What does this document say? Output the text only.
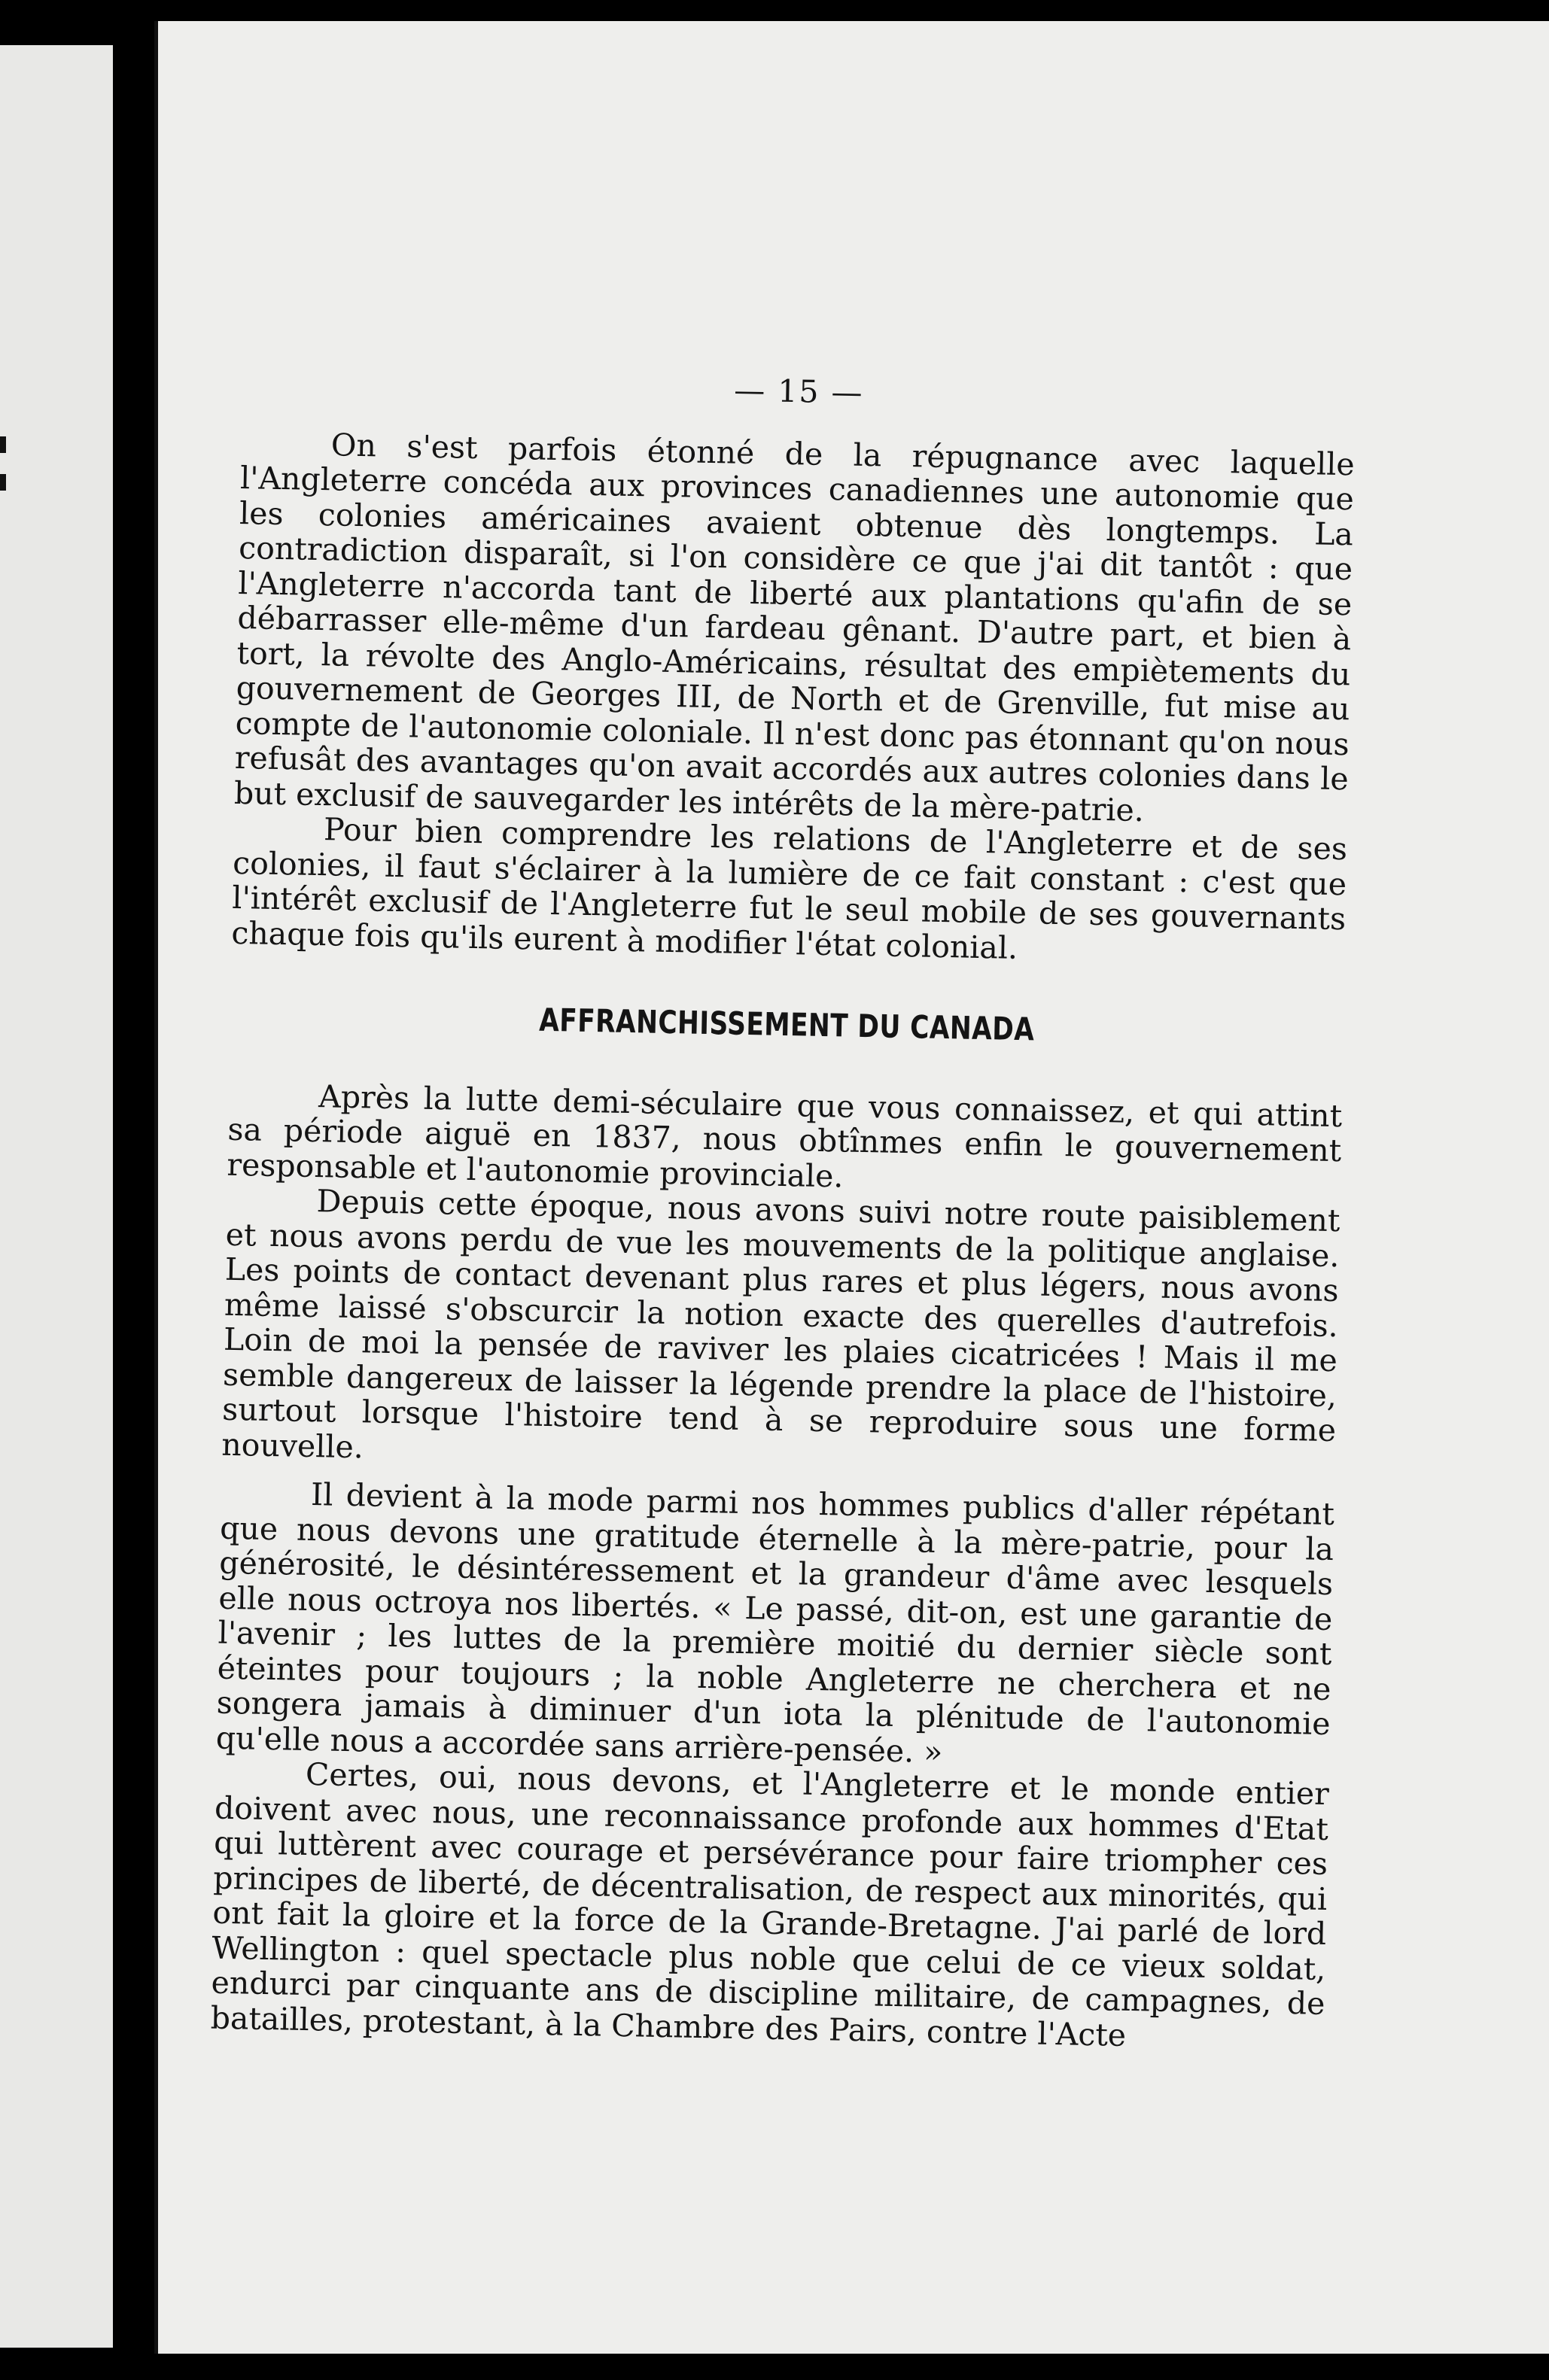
— 15 —

On s'est parfois étonné de la répugnance avec laquelle l'Angleterre concéda aux provinces canadiennes une autonomie que les colonies américaines avaient obtenue dès longtemps. La contradiction disparaît, si l'on considère ce que j'ai dit tantôt : que l'Angleterre n'accorda tant de liberté aux plantations qu'afin de se débarrasser elle-même d'un fardeau gênant. D'autre part, et bien à tort, la révolte des Anglo-Américains, résultat des empiètements du gouvernement de Georges III, de North et de Grenville, fut mise au compte de l'autonomie coloniale. Il n'est donc pas étonnant qu'on nous refusât des avantages qu'on avait accordés aux autres colonies dans le but exclusif de sauvegarder les intérêts de la mère-patrie.

Pour bien comprendre les relations de l'Angleterre et de ses colonies, il faut s'éclairer à la lumière de ce fait constant : c'est que l'intérêt exclusif de l'Angleterre fut le seul mobile de ses gouvernants chaque fois qu'ils eurent à modifier l'état colonial.

AFFRANCHISSEMENT DU CANADA

Après la lutte demi-séculaire que vous connaissez, et qui attint sa période aiguë en 1837, nous obtînmes enfin le gouvernement responsable et l'autonomie provinciale.

Depuis cette époque, nous avons suivi notre route paisiblement et nous avons perdu de vue les mouvements de la politique anglaise. Les points de contact devenant plus rares et plus légers, nous avons même laissé s'obscurcir la notion exacte des querelles d'autrefois. Loin de moi la pensée de raviver les plaies cicatricées ! Mais il me semble dangereux de laisser la légende prendre la place de l'histoire, surtout lorsque l'histoire tend à se reproduire sous une forme nouvelle.

Il devient à la mode parmi nos hommes publics d'aller répétant que nous devons une gratitude éternelle à la mère-patrie, pour la générosité, le désintéressement et la grandeur d'âme avec lesquels elle nous octroya nos libertés. « Le passé, dit-on, est une garantie de l'avenir ; les luttes de la première moitié du dernier siècle sont éteintes pour toujours ; la noble Angleterre ne cherchera et ne songera jamais à diminuer d'un iota la plénitude de l'autonomie qu'elle nous a accordée sans arrière-pensée. »

Certes, oui, nous devons, et l'Angleterre et le monde entier doivent avec nous, une reconnaissance profonde aux hommes d'Etat qui luttèrent avec courage et persévérance pour faire triompher ces principes de liberté, de décentralisation, de respect aux minorités, qui ont fait la gloire et la force de la Grande-Bretagne. J'ai parlé de lord Wellington : quel spectacle plus noble que celui de ce vieux soldat, endurci par cinquante ans de discipline militaire, de campagnes, de batailles, protestant, à la Chambre des Pairs, contre l'Acte
